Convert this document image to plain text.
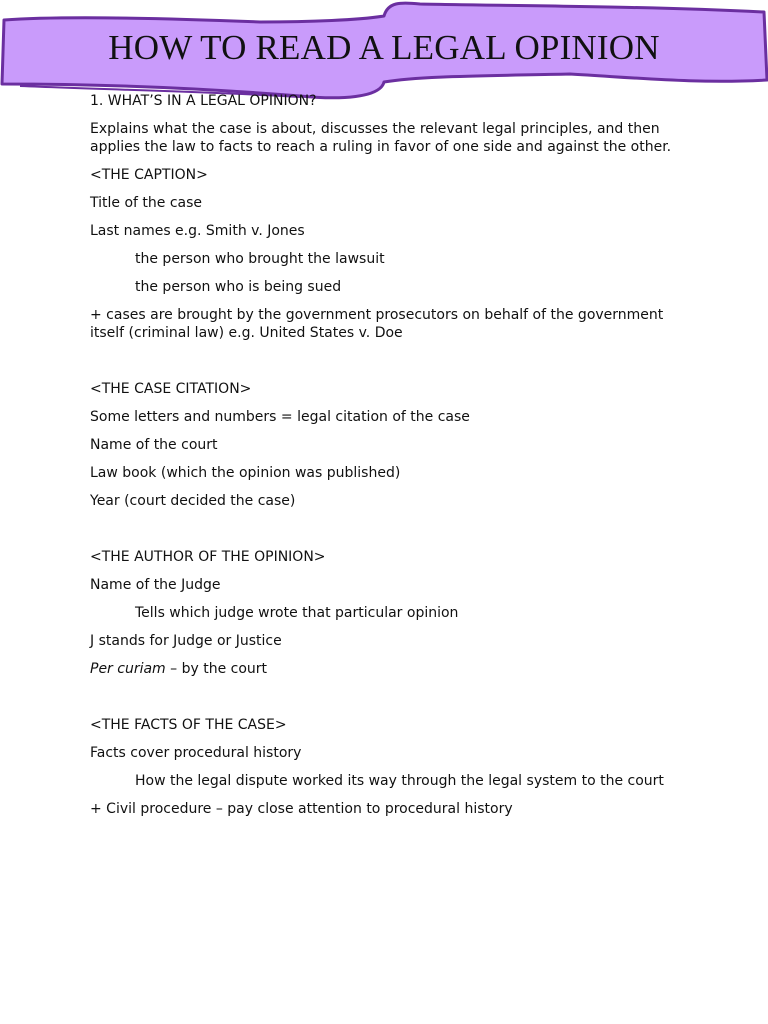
HOW TO READ A LEGAL OPINION

1. WHAT’S IN A LEGAL OPINION?

Explains what the case is about, discusses the relevant legal principles, and then applies the law to facts to reach a ruling in favor of one side and against the other.

<THE CAPTION>

Title of the case

Last names e.g. Smith v. Jones

the person who brought the lawsuit

the person who is being sued

+ cases are brought by the government prosecutors on behalf of the government itself (criminal law) e.g. United States v. Doe

<THE CASE CITATION>

Some letters and numbers = legal citation of the case

Name of the court

Law book (which the opinion was published)

Year (court decided the case)

<THE AUTHOR OF THE OPINION>

Name of the Judge

Tells which judge wrote that particular opinion

J stands for Judge or Justice

Per curiam – by the court

<THE FACTS OF THE CASE>

Facts cover procedural history

How the legal dispute worked its way through the legal system to the court

+ Civil procedure – pay close attention to procedural history
